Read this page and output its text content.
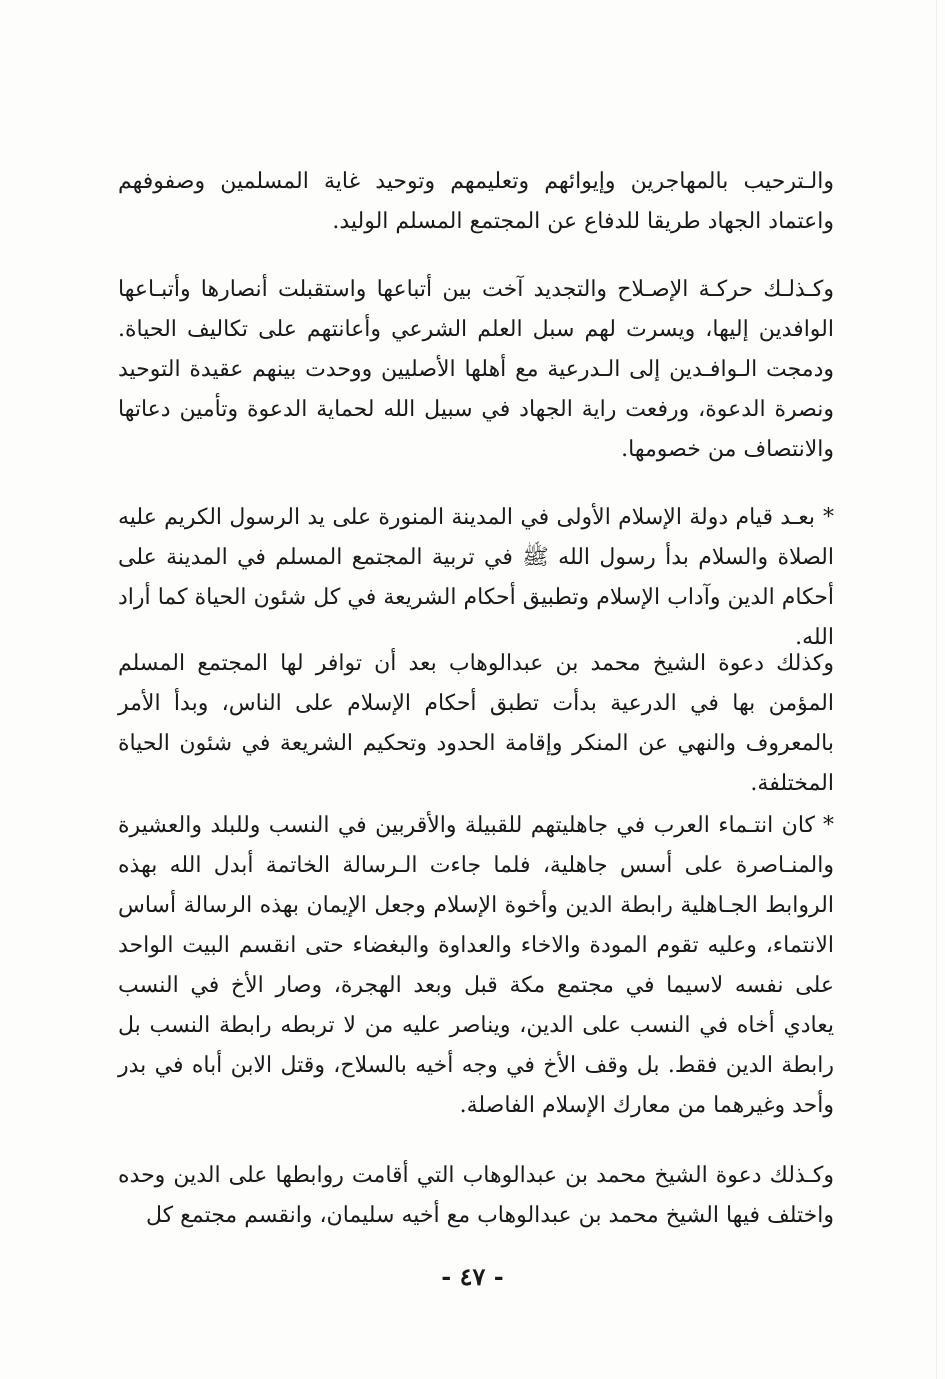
والـترحيب بالمهاجرين وإيوائهم وتعليمهم وتوحيد غاية المسلمين وصفوفهم واعتماد الجهاد طريقا للدفاع عن المجتمع المسلم الوليد.

وكـذلـك حركـة الإصـلاح والتجديد آخت بين أتباعها واستقبلت أنصارها وأتبـاعها الوافدين إليها، ويسرت لهم سبل العلم الشرعي وأعانتهم على تكاليف الحياة. ودمجت الـوافـدين إلى الـدرعية مع أهلها الأصليين ووحدت بينهم عقيدة التوحيد ونصرة الدعوة، ورفعت راية الجهاد في سبيل الله لحماية الدعوة وتأمين دعاتها والانتصاف من خصومها.

*بعـد قيام دولة الإسلام الأولى في المدينة المنورة على يد الرسول الكريم عليه الصلاة والسلام بدأ رسول الله ﷺ في تربية المجتمع المسلم في المدينة على أحكام الدين وآداب الإسلام وتطبيق أحكام الشريعة في كل شئون الحياة كما أراد الله.

وكذلك دعوة الشيخ محمد بن عبدالوهاب بعد أن توافر لها المجتمع المسلم المؤمن بها في الدرعية بدأت تطبق أحكام الإسلام على الناس، وبدأ الأمر بالمعروف والنهي عن المنكر وإقامة الحدود وتحكيم الشريعة في شئون الحياة المختلفة.

*كان انتـماء العرب في جاهليتهم للقبيلة والأقربين في النسب وللبلد والعشيرة والمنـاصرة على أسس جاهلية، فلما جاءت الـرسالة الخاتمة أبدل الله بهذه الروابط الجـاهلية رابطة الدين وأخوة الإسلام وجعل الإيمان بهذه الرسالة أساس الانتماء، وعليه تقوم المودة والاخاء والعداوة والبغضاء حتى انقسم البيت الواحد على نفسه لاسيما في مجتمع مكة قبل وبعد الهجرة، وصار الأخ في النسب يعادي أخاه في النسب على الدين، ويناصر عليه من لا تربطه رابطة النسب بل رابطة الدين فقط. بل وقف الأخ في وجه أخيه بالسلاح، وقتل الابن أباه في بدر وأحد وغيرهما من معارك الإسلام الفاصلة.

وكـذلك دعوة الشيخ محمد بن عبدالوهاب التي أقامت روابطها على الدين وحده واختلف فيها الشيخ محمد بن عبدالوهاب مع أخيه سليمان، وانقسم مجتمع كل

- ٤٧ -
